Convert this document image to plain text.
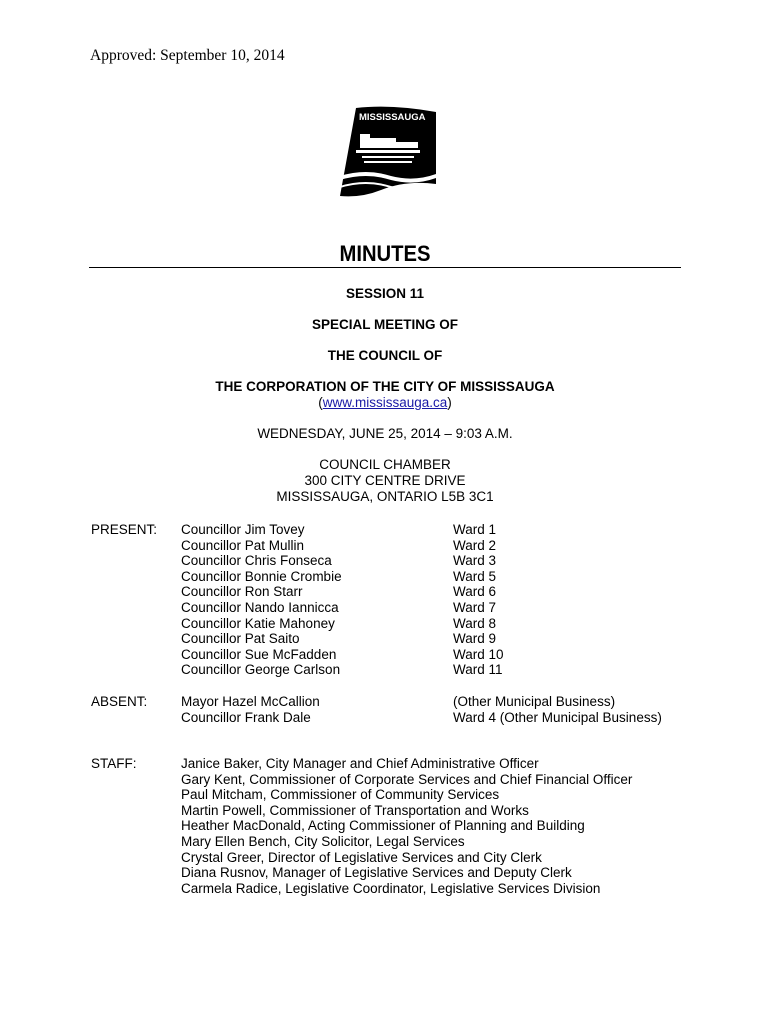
Approved: September 10, 2014
MISSISSAUGA
MINUTES
SESSION 11
SPECIAL MEETING OF
THE COUNCIL OF
THE CORPORATION OF THE CITY OF MISSISSAUGA
(www.mississauga.ca)
WEDNESDAY, JUNE 25, 2014 – 9:03 A.M.
COUNCIL CHAMBER
300 CITY CENTRE DRIVE
MISSISSAUGA, ONTARIO L5B 3C1
PRESENT: Councillor Jim Tovey
Councillor Pat Mullin
Councillor Chris Fonseca
Councillor Bonnie Crombie
Councillor Ron Starr
Councillor Nando Iannicca
Councillor Katie Mahoney
Councillor Pat Saito
Councillor Sue McFadden
Councillor George Carlson
Ward 1
Ward 2
Ward 3
Ward 5
Ward 6
Ward 7
Ward 8
Ward 9
Ward 10
Ward 11
ABSENT: Mayor Hazel McCallion
Councillor Frank Dale
(Other Municipal Business)
Ward 4 (Other Municipal Business)
STAFF:	Janice Baker, City Manager and Chief Administrative Officer
Gary Kent, Commissioner of Corporate Services and Chief Financial Officer
Paul Mitcham, Commissioner of Community Services
Martin Powell, Commissioner of Transportation and Works
Heather MacDonald, Acting Commissioner of Planning and Building
Mary Ellen Bench, City Solicitor, Legal Services
Crystal Greer, Director of Legislative Services and City Clerk
Diana Rusnov, Manager of Legislative Services and Deputy Clerk
Carmela Radice, Legislative Coordinator, Legislative Services Division
